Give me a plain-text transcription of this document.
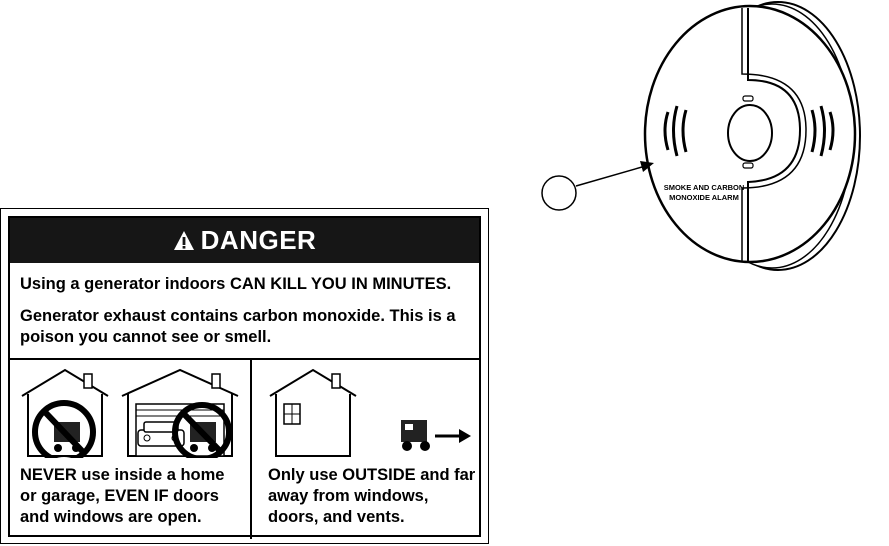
DANGER
Using a generator indoors CAN KILL YOU IN MINUTES.
Generator exhaust contains carbon monoxide. This is a poison you cannot see or smell.
NEVER use inside a home or garage, EVEN IF doors and windows are open.
Only use OUTSIDE and far away from windows, doors, and vents.
SMOKE AND CARBON
MONOXIDE ALARM
